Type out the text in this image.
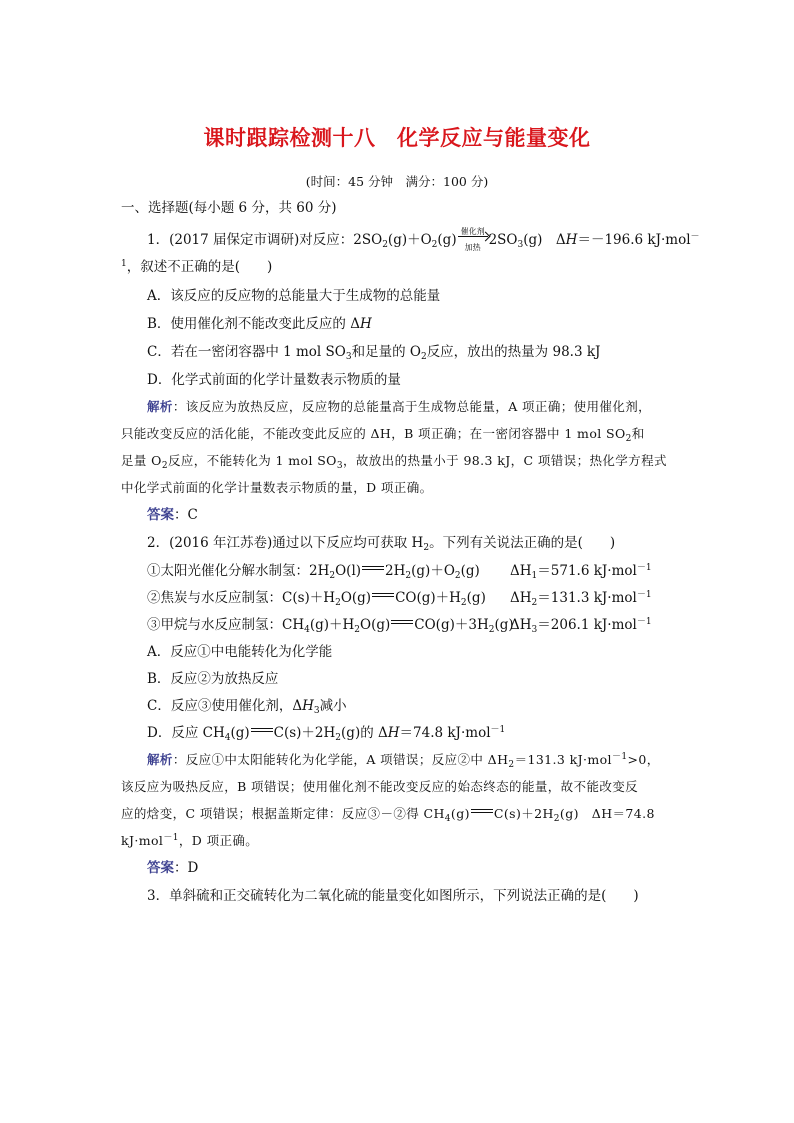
课时跟踪检测十八　化学反应与能量变化
(时间：45 分钟　满分：100 分)
一、选择题(每小题 6 分，共 60 分)
1．(2017 届保定市调研)对反应：$2SO_2(g)+O_2(g)$
催化剂
加热 $2SO_3(g)$　ΔH＝－196.6 kJ·mol－
$^1$，叙述不正确的是(　　)
A．该反应的反应物的总能量大于生成物的总能量
B．使用催化剂不能改变此反应的 ΔH
C．若在一密闭容器中 1 mol $SO_3$和足量的 $O_2$反应，放出的热量为 98.3 kJ
D．化学式前面的化学计量数表示物质的量
解析：该反应为放热反应，反应物的总能量高于生成物总能量，A 项正确；使用催化剂，
只能改变反应的活化能，不能改变此反应的 ΔH，B 项正确；在一密闭容器中 1 mol $SO_2$和
足量 $O_2$反应，不能转化为 1 mol $SO_3$，故放出的热量小于 98.3 kJ，C 项错误；热化学方程式
中化学式前面的化学计量数表示物质的量，D 项正确。
答案：C
2．(2016 年江苏卷)通过以下反应均可获取 $H_2$。下列有关说法正确的是(　　)
①太阳光催化分解水制氢：$2H_2O(l)$ $2H_2(g)+O_2(g)$ $\Delta H_1=571.6$ kJ·mol$^{-1}$
②焦炭与水反应制氢：$C(s)+H_2O(g)$ $CO(g)+H_2(g)$ $\Delta H_2=131.3$ kJ·mol$^{-1}$
③甲烷与水反应制氢：$CH_4(g)+H_2O(g)$ $CO(g)+3H_2(g)$
$\Delta H_3=206.1$ kJ·mol$^{-1}$
A．反应①中电能转化为化学能
B．反应②为放热反应
C．反应③使用催化剂，$\Delta H_3$减小
D．反应 $CH_4(g)$ $C(s)+2H_2(g)$的 ΔH＝74.8 kJ·mol$^{-1}$
解析：反应①中太阳能转化为化学能，A 项错误；反应②中 $\Delta H_2=131.3$ kJ·mol$^{-1}$>0，
该反应为吸热反应，B 项错误；使用催化剂不能改变反应的始态终态的能量，故不能改变反
应的焓变，C 项错误；根据盖斯定律：反应③－②得 $CH_4(g)$ $C(s)+2H_2(g)$　ΔH＝74.8
kJ·mol$^{-1}$，D 项正确。
答案：D
3．单斜硫和正交硫转化为二氧化硫的能量变化如图所示，下列说法正确的是(　　)
